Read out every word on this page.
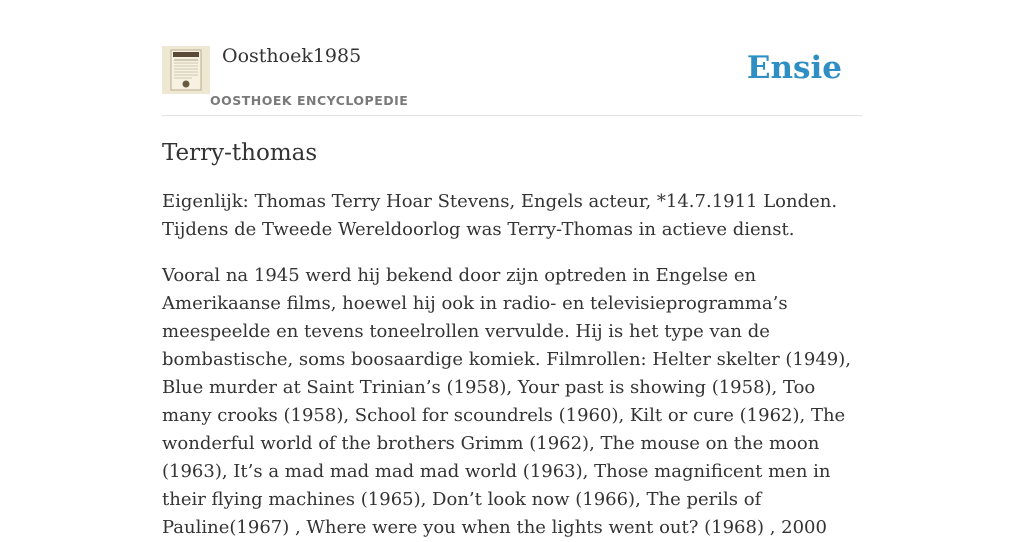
Oosthoek1985
OOSTHOEK ENCYCLOPEDIE
Ensie
Terry-thomas

Eigenlijk: Thomas Terry Hoar Stevens, Engels acteur, *14.7.1911 Londen. Tijdens de Tweede Wereldoorlog was Terry-Thomas in actieve dienst.

Vooral na 1945 werd hij bekend door zijn optreden in Engelse en Amerikaanse films, hoewel hij ook in radio- en televisieprogramma’s meespeelde en tevens toneelrollen vervulde. Hij is het type van de bombastische, soms boosaardige komiek. Filmrollen: Helter skelter (1949), Blue murder at Saint Trinian’s (1958), Your past is showing (1958), Too many crooks (1958), School for scoundrels (1960), Kilt or cure (1962), The wonderful world of the brothers Grimm (1962), The mouse on the moon (1963), It’s a mad mad mad mad world (1963), Those magnificent men in their flying machines (1965), Don’t look now (1966), The perils of Pauline(1967) , Where were you when the lights went out? (1968) , 2000
